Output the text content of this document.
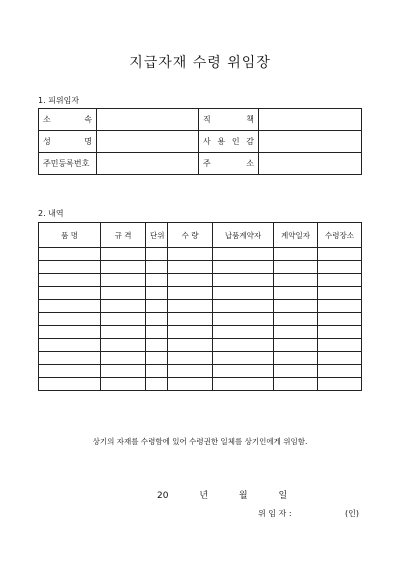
지급자재 수령 위임장
1. 피위임자
소 속		직 책	
성 명		사 용 인 감	
주민등록번호		주 소	
2. 내역
품 명	규 격	단위	수 량	납품계약자	계약일자	수령장소

상기의 자재를 수령함에 있어 수령권한 일체를 상기인에게 위임함.
20	년	월	일
위 임 자 :	(인)
